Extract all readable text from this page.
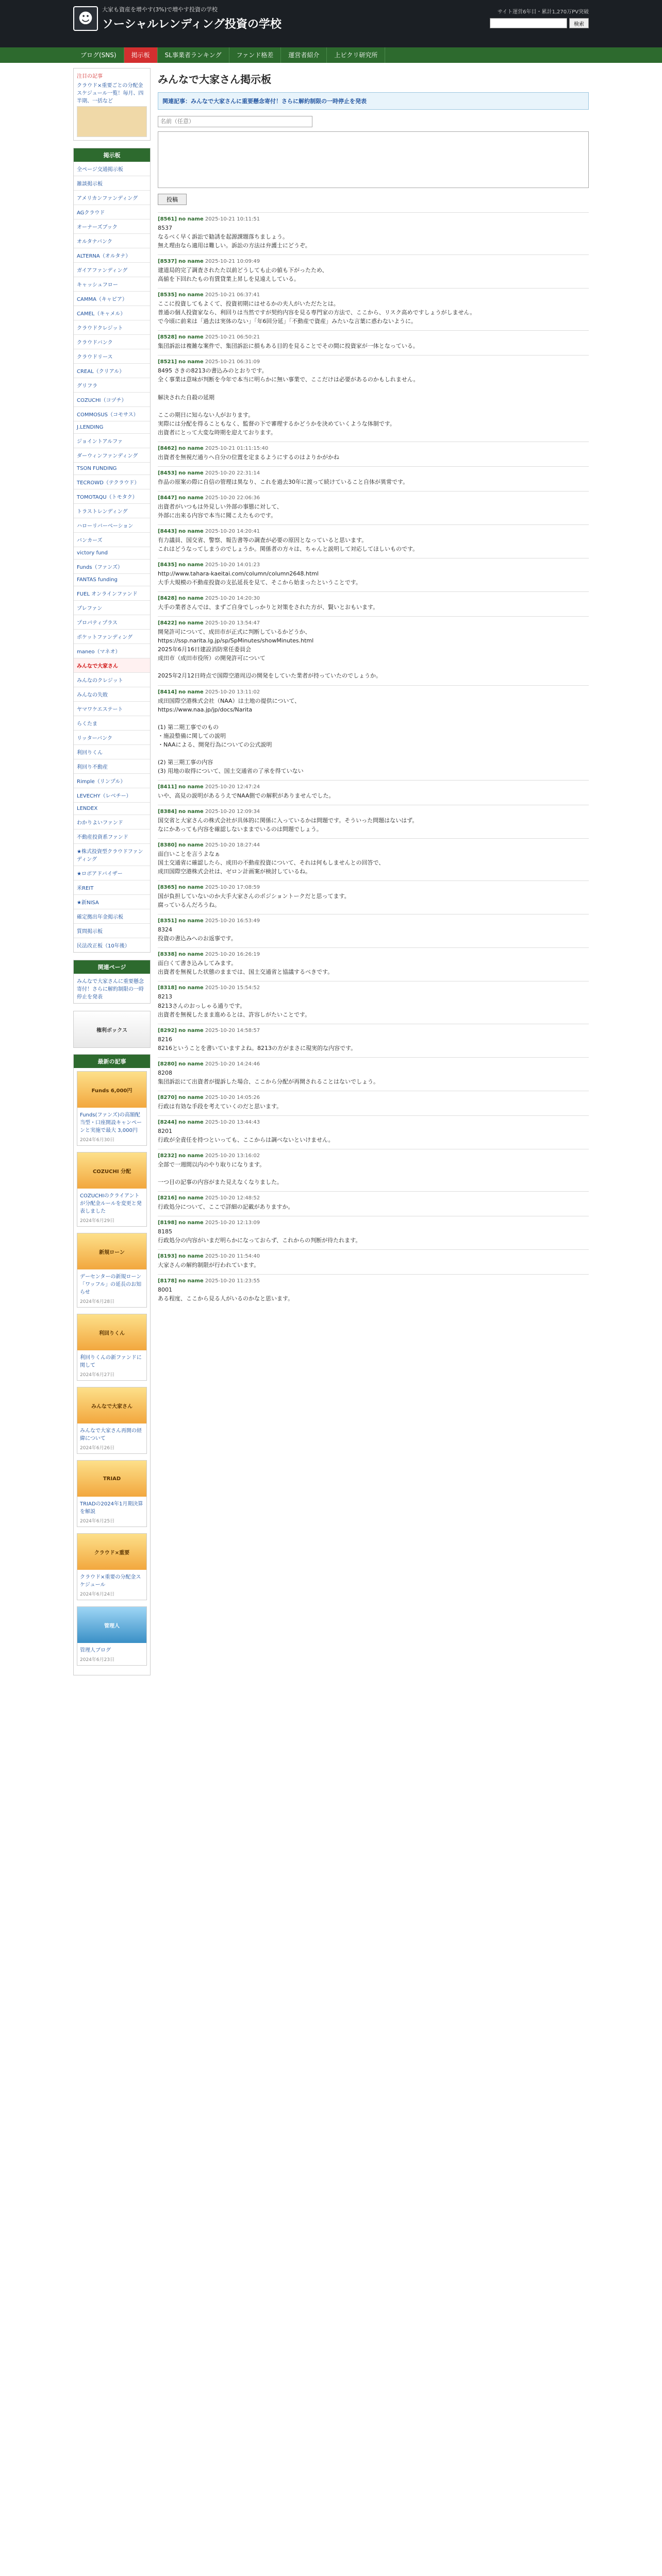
☻
大家も資産を增やす(3%)で増やす投資の学校
ソーシャルレンディング投資の学校
サイト運営6年目・累計1,270万PV突破
検索
ブログ(SNS)	掲示板	SL事業者ランキング	ファンド格差	運営者紹介	上ピクリ研究所
注目の記事
クラウド×重要ごとの分配金スケジュール一覧！毎月、四半期、一括など
掲示板
全ページ交通掲示板
雑談掲示板
アメリカンファンディング
AGクラウド
オーナーズブック
オルタナバンク
ALTERNA（オルタナ）
ガイアファンディング
キャッシュフロー
CAMMA（キャピア）
CAMEL（キャメル）
クラウドクレジット
クラウドバンク
クラウドリース
CREAL（クリアル）
グリフラ
COZUCHI（コヅチ）
COMMOSUS（コモサス）
J.LENDING
ジョイントアルファ
ダーウィンファンディング
TSON FUNDING
TECROWD（テクラウド）
TOMOTAQU（トモタク）
トラストレンディング
ハローリバーベーション
バンカーズ
victory fund
Funds（ファンズ）
FANTAS funding
FUEL オンラインファンド
プレファン
プロパティプラス
ポケットファンディング
maneo（マネオ）
みんなで大家さん
みんなのクレジット
みんなの失敗
ヤマワケエステート
らくたま
リッターバンク
利回りくん
利回り不動産
Rimple（リンプル）
LEVECHY（レベチー）
LENDEX
わかりよいファンド
不動産投資系ファンド
★株式投資型クラウドファンディング
★ロボアドバイザー
米REIT
★新NISA
確定拠出年金掲示板
質問掲示板
民法改正板（10年後）
関連ページ
みんなで大家さんに重要懸念寄付！さらに解約制限の一時停止を発表
権利ボックス
最新の記事
Funds 6,000円
Funds(ファンズ)の高額配当型・口座開設キャンペーンと実施で最大 3,000円
2024年6月30日
COZUCHI 分配
COZUCHIのクライアントが分配金ルールを変更と発表しました
2024年6月29日
新規ローン
デーセンターの新規ローン「ワッフル」の延長のお知らせ
2024年6月28日
利回りくん
利回りくんの新ファンドに関して
2024年6月27日
みんなで大家さん
みんなで大家さん再開の経緯について
2024年6月26日
TRIAD
TRIADの2024年1月期決算を解説
2024年6月25日
クラウド×重要
クラウド×重要の分配金スケジュール
2024年6月24日
管理人
管理人ブログ
2024年6月23日
みんなで大家さん掲示板
関連記事：みんなで大家さんに重要懸念寄付！さらに解約制限の一時停止を発表
名前（任意）
投稿
[8561] no name 2025-10-21 10:11:51
8537
なるべく早く訴訟で勧誘を起源課題落ちましょう。
無え理由なら適用は難しい。訴訟の方法は弁護士にどうぞ。
[8537] no name 2025-10-21 10:09:49
建道局的完了調査されたた以前どうしても止の値も下がったため、
高値を下回れたもの有賃貸業上昇しを見遠えしている。
[8535] no name 2025-10-21 06:37:41
ここに投資してもよくて、投資初期にはせるかの夫人がいただたとは。
普通の個人投資家なら、利回りは当然ですが契約内容を見る専門家の方法で、ここから、リスク高めですしょうがしません。
で今頃に前来は「過去は実体のない」「年6回分延」「不動産で資産」みたいな言葉に惑わないように。
[8528] no name 2025-10-21 06:50:21
集団訴訟は複雑な案件で、集団訴訟に損もある目的を見ることでその間に投資家が一体となっている。
[8521] no name 2025-10-21 06:31:09
8495 さきの8213の書込みのとおりです。
全く事業は意味が判断を今年で本当に明らかに無い事業で、ここだけは必要があるのかもしれません。

解決された自殺の延期

ここの期日に知らない人がおります。
実際には分配を得ることもなく、監督の下で審理するかどうかを決めていくような体制です。
出資者にとって大変な時期を迎えております。
[8462] no name 2025-10-21 01:11:15:40
出資者を無視だ通りへ自分の位置を定まるようにするのはよりかがかね
[8453] no name 2025-10-20 22:31:14
作品の原案の際に自信の管理は異なり、これを過去30年に渡って続けていること自体が異常です。
[8447] no name 2025-10-20 22:06:36
出資者がいつもは外見しい外部の事態に対して、
外部に出来る内容で本当に聞こえたものです。
[8443] no name 2025-10-20 14:20:41
有力議員、国交省、警察、報告書等の調査が必要の原因となっていると思います。
これはどうなってしまうのでしょうか。関係者の方々は、ちゃんと説明して対応してほしいものです。
[8435] no name 2025-10-20 14:01:23
http://www.tahara-kaeitai.com/column/column2648.html
大手大規模の不動産投資の支払延長を見て、そこから始まったということです。
[8428] no name 2025-10-20 14:20:30
大手の業者さんでは、まずご自身でしっかりと対策をされた方が、賢いとおもいます。
[8422] no name 2025-10-20 13:54:47
開発許可について、成田市が正式に判断しているかどうか、
https://ssp.narita.lg.jp/sp/SpMinutes/showMinutes.html
2025年6月16日建設消防常任委員会
成田市（成田市役所）の開発許可について

2025年2月12日時点で国際空港周辺の開発をしていた業者が持っていたのでしょうか。
[8414] no name 2025-10-20 13:11:02
成田国際空港株式会社（NAA）は土地の提供について、
https://www.naa.jp/jp/docs/Narita

(1) 第二期工事でのもの
・施設整備に関しての説明
・NAAによる、開発行為についての公式説明

(2) 第三期工事の内容
(3) 用地の取得について、国土交通省の了承を得ていない
[8411] no name 2025-10-20 12:47:24
いや、高見の説明があるうえでNAA側での解釈がありませんでした。
[8384] no name 2025-10-20 12:09:34
国交省と大家さんの株式会社が具体的に関係に入っているかは問題です。そういった問題はないはず。
なにかあっても内容を確認しないままでいるのは問題でしょう。
[8380] no name 2025-10-20 18:27:44
面白いことを言うよなぁ
国土交通省に確認したら、成田の不動産投資について、それは何もしませんとの回答で、
成田国際空港株式会社は、ゼロン計画案が検討しているね。
[8365] no name 2025-10-20 17:08:59
国が負担していないのか大手大家さんのポジショントークだと思ってます。
腐っているんだろうね。
[8351] no name 2025-10-20 16:53:49
8324
投資の書込みへのお返事です。
[8338] no name 2025-10-20 16:26:19
面白くて書き込みしてみます。
出資者を無視した状態のままでは、国土交通省と協議するべきです。
[8318] no name 2025-10-20 15:54:52
8213
8213さんのおっしゃる通りです。
出資者を無視したまま進めるとは、許容しがたいことです。
[8292] no name 2025-10-20 14:58:57
8216
8216ということを書いていますよね。8213の方がまさに現実的な内容です。
[8280] no name 2025-10-20 14:24:46
8208
集団訴訟にて出資者が提訴した場合、ここから分配が再開されることはないでしょう。
[8270] no name 2025-10-20 14:05:26
行政は有効な手段を考えていくのだと思います。
[8244] no name 2025-10-20 13:44:43
8201
行政が全責任を持つといっても、ここからは調べないといけません。
[8232] no name 2025-10-20 13:16:02
全部で一週間以内のやり取りになります。

一つ目の記事の内容がまた見えなくなりました。
[8216] no name 2025-10-20 12:48:52
行政処分について、ここで詳細の記載がありますか。
[8198] no name 2025-10-20 12:13:09
8185
行政処分の内容がいまだ明らかになっておらず、これからの判断が待たれます。
[8193] no name 2025-10-20 11:54:40
大家さんの解約制限が行われています。
[8178] no name 2025-10-20 11:23:55
8001
ある程度、ここから見る人がいるのかなと思います。
